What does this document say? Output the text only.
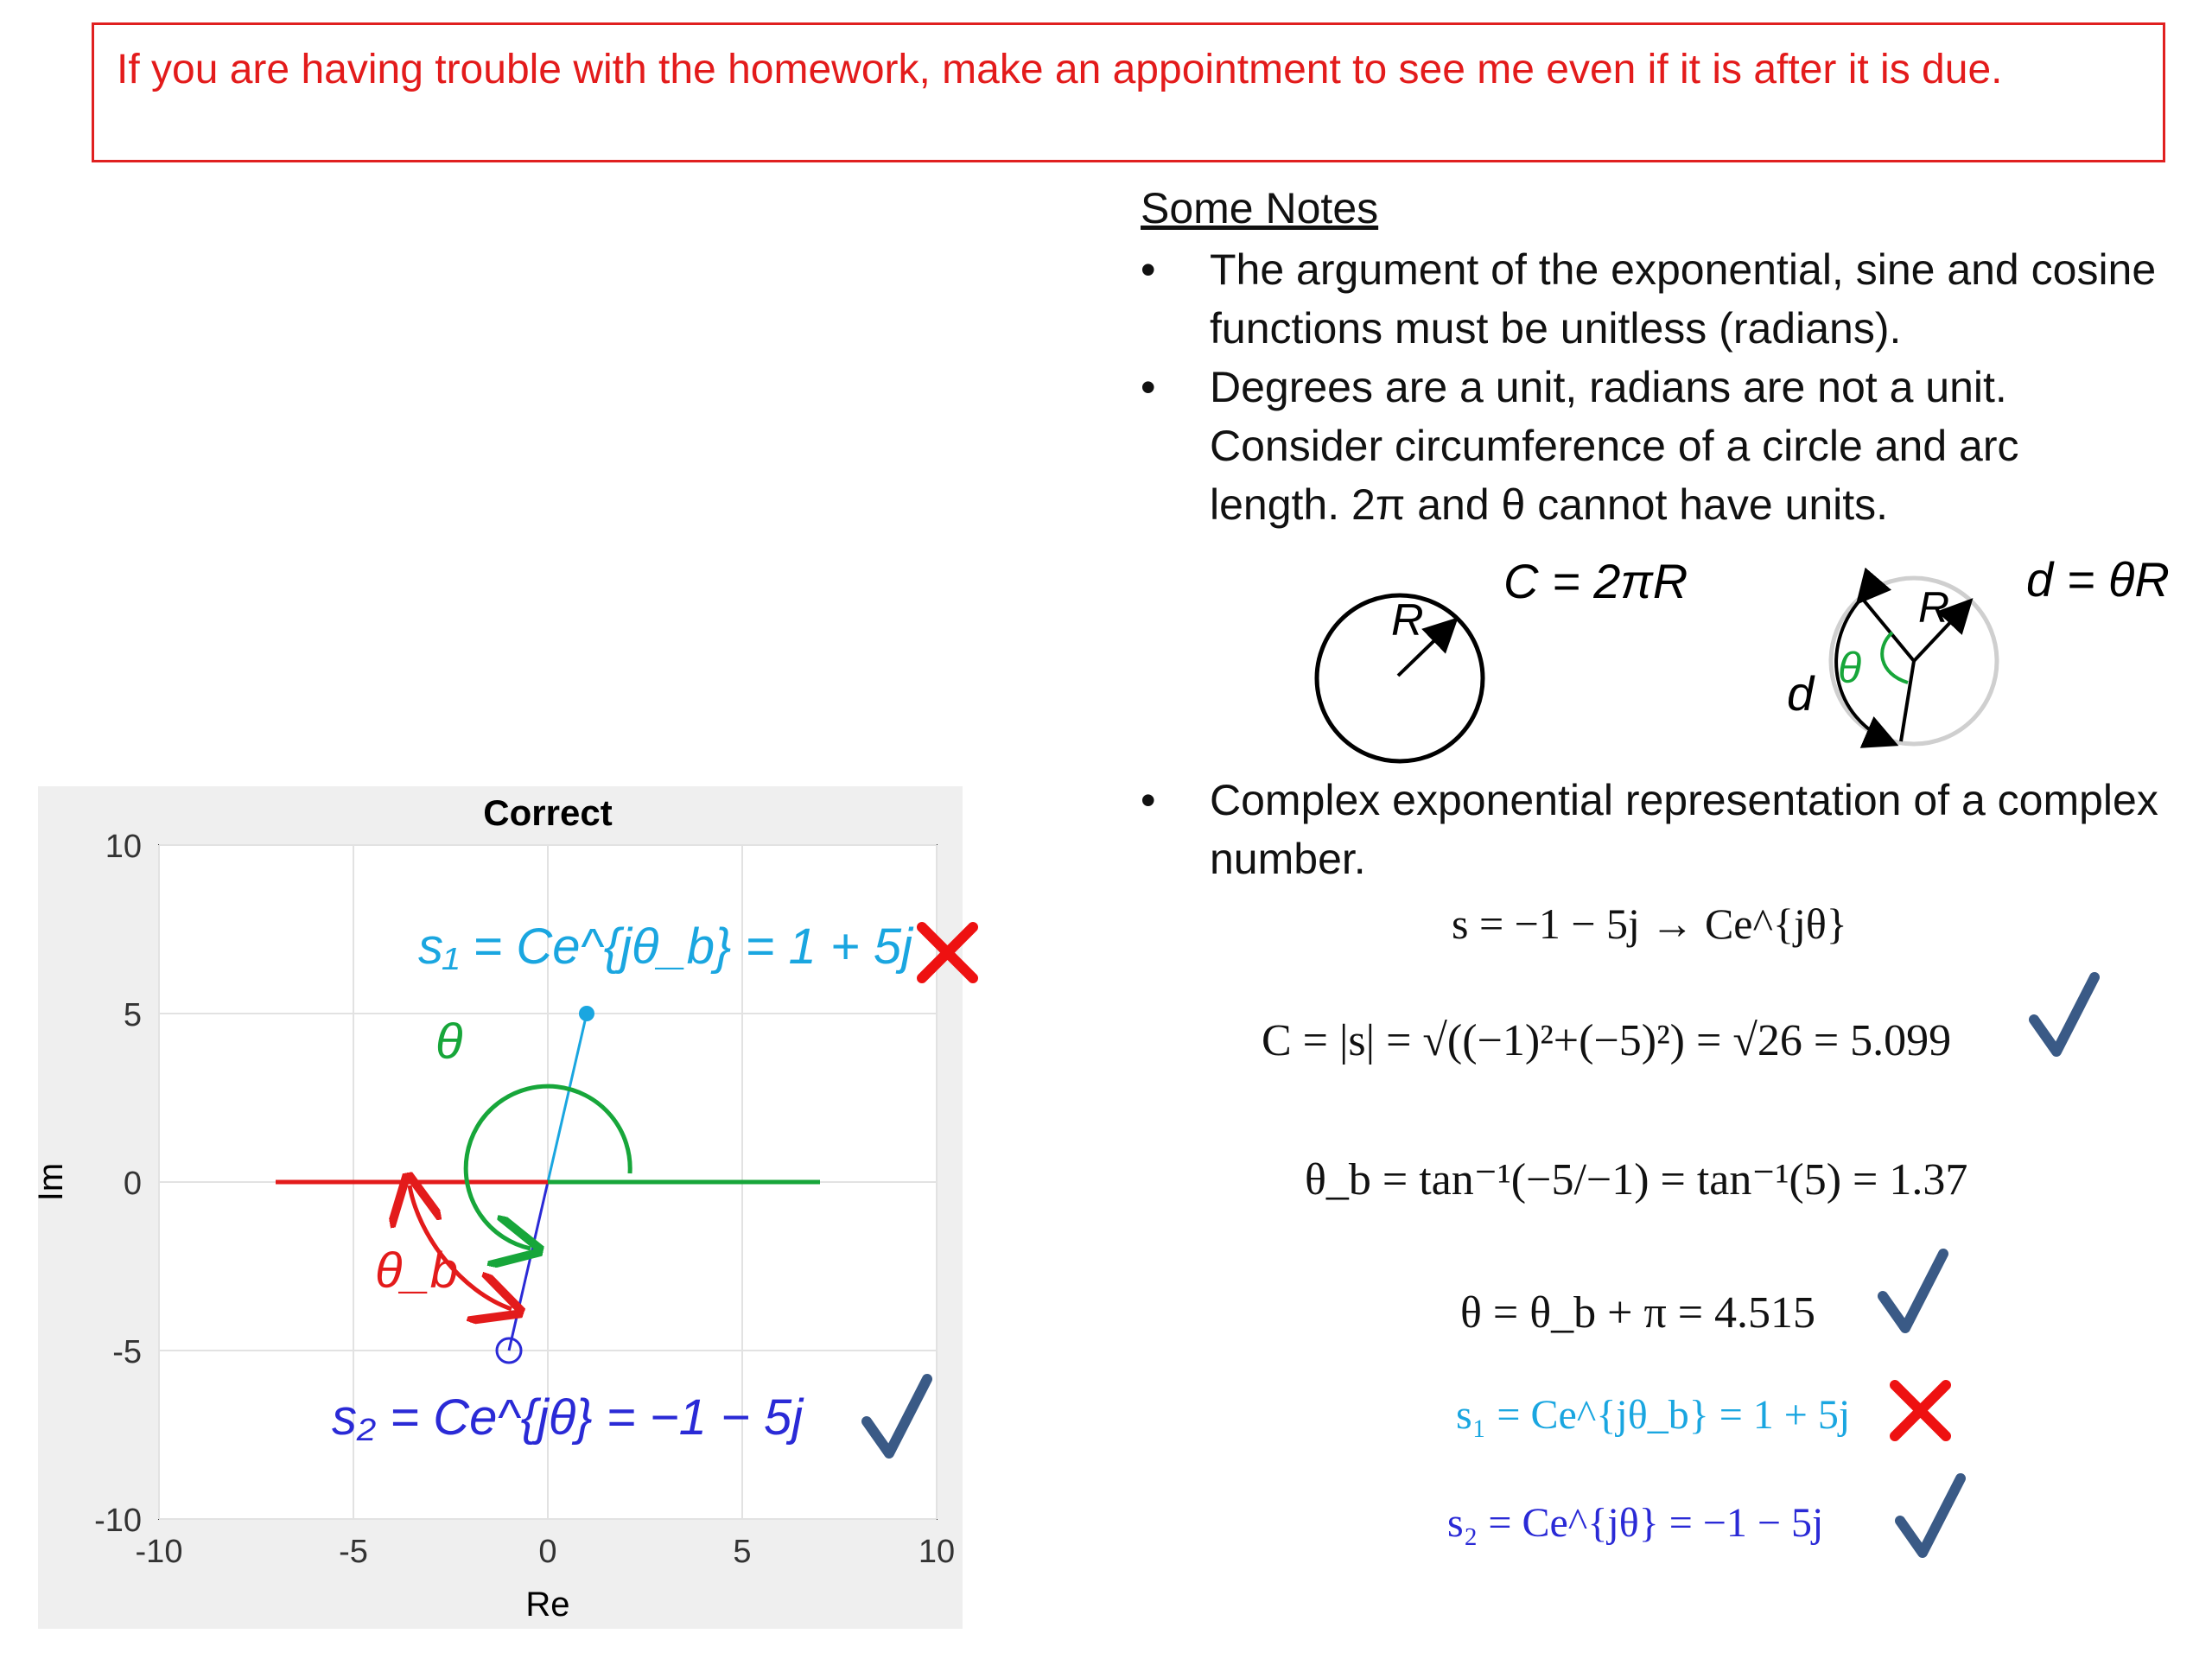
If you are having trouble with the homework, make an appointment to see me even if it is after it is due.
Some Notes
•	The argument of the exponential, sine and cosine functions must be unitless (radians).
•	Degrees are a unit, radians are not a unit. Consider circumference of a circle and arc length. 2π and θ cannot have units.
•	Complex exponential representation of a complex number.
R
C = 2πR	R
θ
d
d = θR
s = −1 − 5j → Ce^{jθ}
C = |s| = √((−1)²+(−5)²) = √26 = 5.099
θ_b = tan⁻¹(−5/−1) = tan⁻¹(5) = 1.37
θ = θ_b + π = 4.515
s₁ = Ce^{jθ_b} = 1 + 5j
s₂ = Ce^{jθ} = −1 − 5j
-10	-5	0	5	10
-10
-5
0
5
10
Correct
Re
Im
s₁ = Ce^{jθ_b} = 1 + 5j
θ
θ_b
s₂ = Ce^{jθ} = −1 − 5j
